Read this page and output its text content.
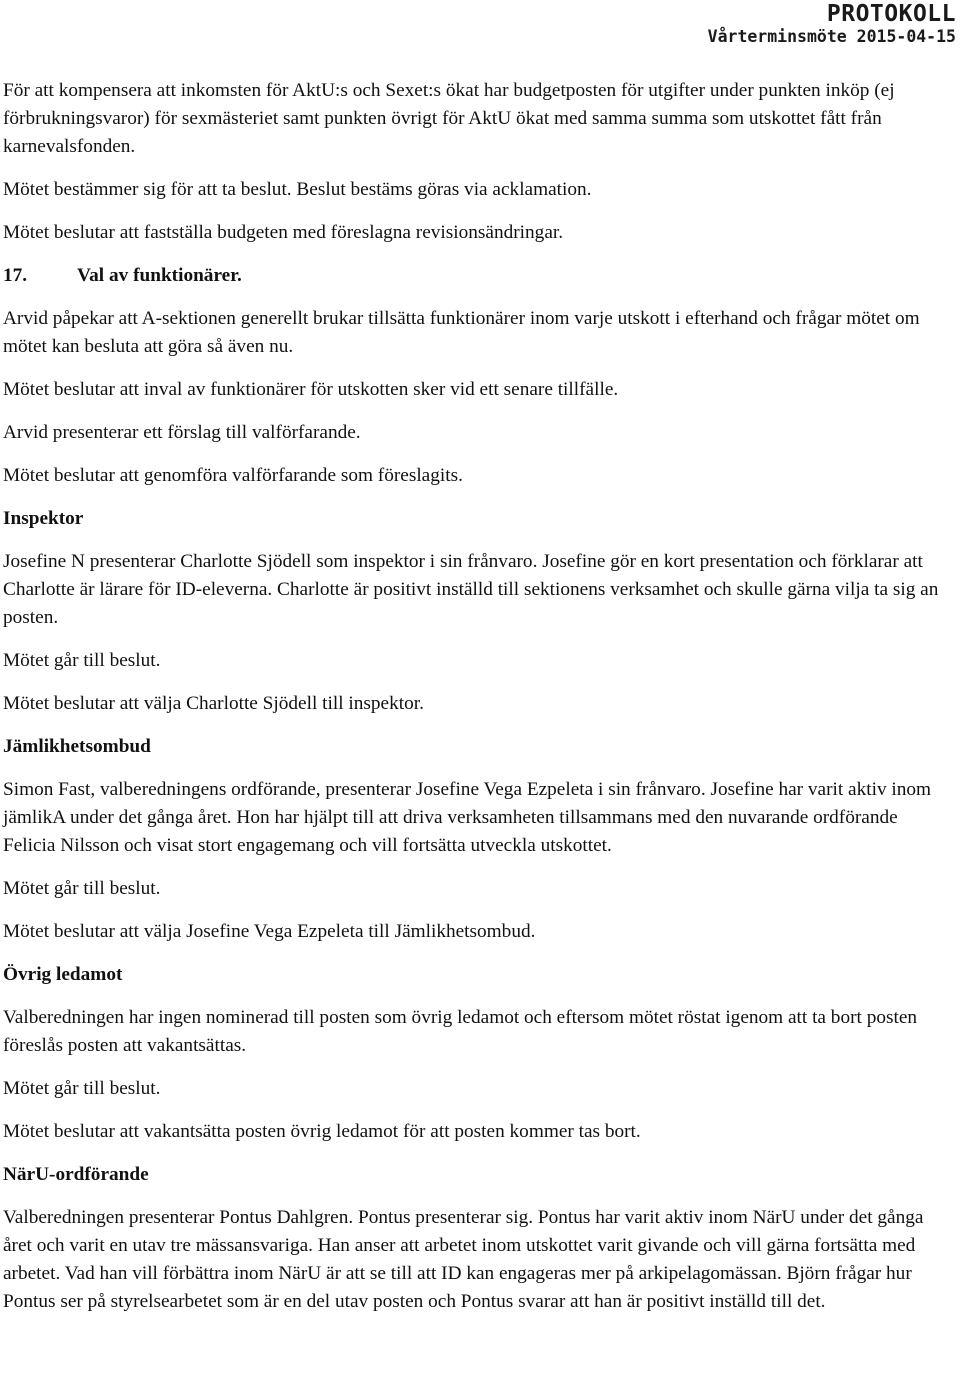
PROTOKOLL
Vårterminsmöte 2015-04-15

För att kompensera att inkomsten för AktU:s och Sexet:s ökat har budgetposten för utgifter under punkten inköp (ej förbrukningsvaror) för sexmästeriet samt punkten övrigt för AktU ökat med samma summa som utskottet fått från karnevalsfonden.

Mötet bestämmer sig för att ta beslut. Beslut bestäms göras via acklamation.

Mötet beslutar att fastställa budgeten med föreslagna revisionsändringar.

17.	Val av funktionärer.

Arvid påpekar att A-sektionen generellt brukar tillsätta funktionärer inom varje utskott i efterhand och frågar mötet om mötet kan besluta att göra så även nu.

Mötet beslutar att inval av funktionärer för utskotten sker vid ett senare tillfälle.

Arvid presenterar ett förslag till valförfarande.

Mötet beslutar att genomföra valförfarande som föreslagits.

Inspektor

Josefine N presenterar Charlotte Sjödell som inspektor i sin frånvaro. Josefine gör en kort presentation och förklarar att Charlotte är lärare för ID-eleverna. Charlotte är positivt inställd till sektionens verksamhet och skulle gärna vilja ta sig an posten.

Mötet går till beslut.

Mötet beslutar att välja Charlotte Sjödell till inspektor.

Jämlikhetsombud

Simon Fast, valberedningens ordförande, presenterar Josefine Vega Ezpeleta i sin frånvaro. Josefine har varit aktiv inom jämlikA under det gånga året. Hon har hjälpt till att driva verksamheten tillsammans med den nuvarande ordförande Felicia Nilsson och visat stort engagemang och vill fortsätta utveckla utskottet.

Mötet går till beslut.

Mötet beslutar att välja Josefine Vega Ezpeleta till Jämlikhetsombud.

Övrig ledamot

Valberedningen har ingen nominerad till posten som övrig ledamot och eftersom mötet röstat igenom att ta bort posten föreslås posten att vakantsättas.

Mötet går till beslut.

Mötet beslutar att vakantsätta posten övrig ledamot för att posten kommer tas bort.

NärU-ordförande

Valberedningen presenterar Pontus Dahlgren. Pontus presenterar sig. Pontus har varit aktiv inom NärU under det gånga året och varit en utav tre mässansvariga. Han anser att arbetet inom utskottet varit givande och vill gärna fortsätta med arbetet. Vad han vill förbättra inom NärU är att se till att ID kan engageras mer på arkipelagomässan. Björn frågar hur Pontus ser på styrelsearbetet som är en del utav posten och Pontus svarar att han är positivt inställd till det.
